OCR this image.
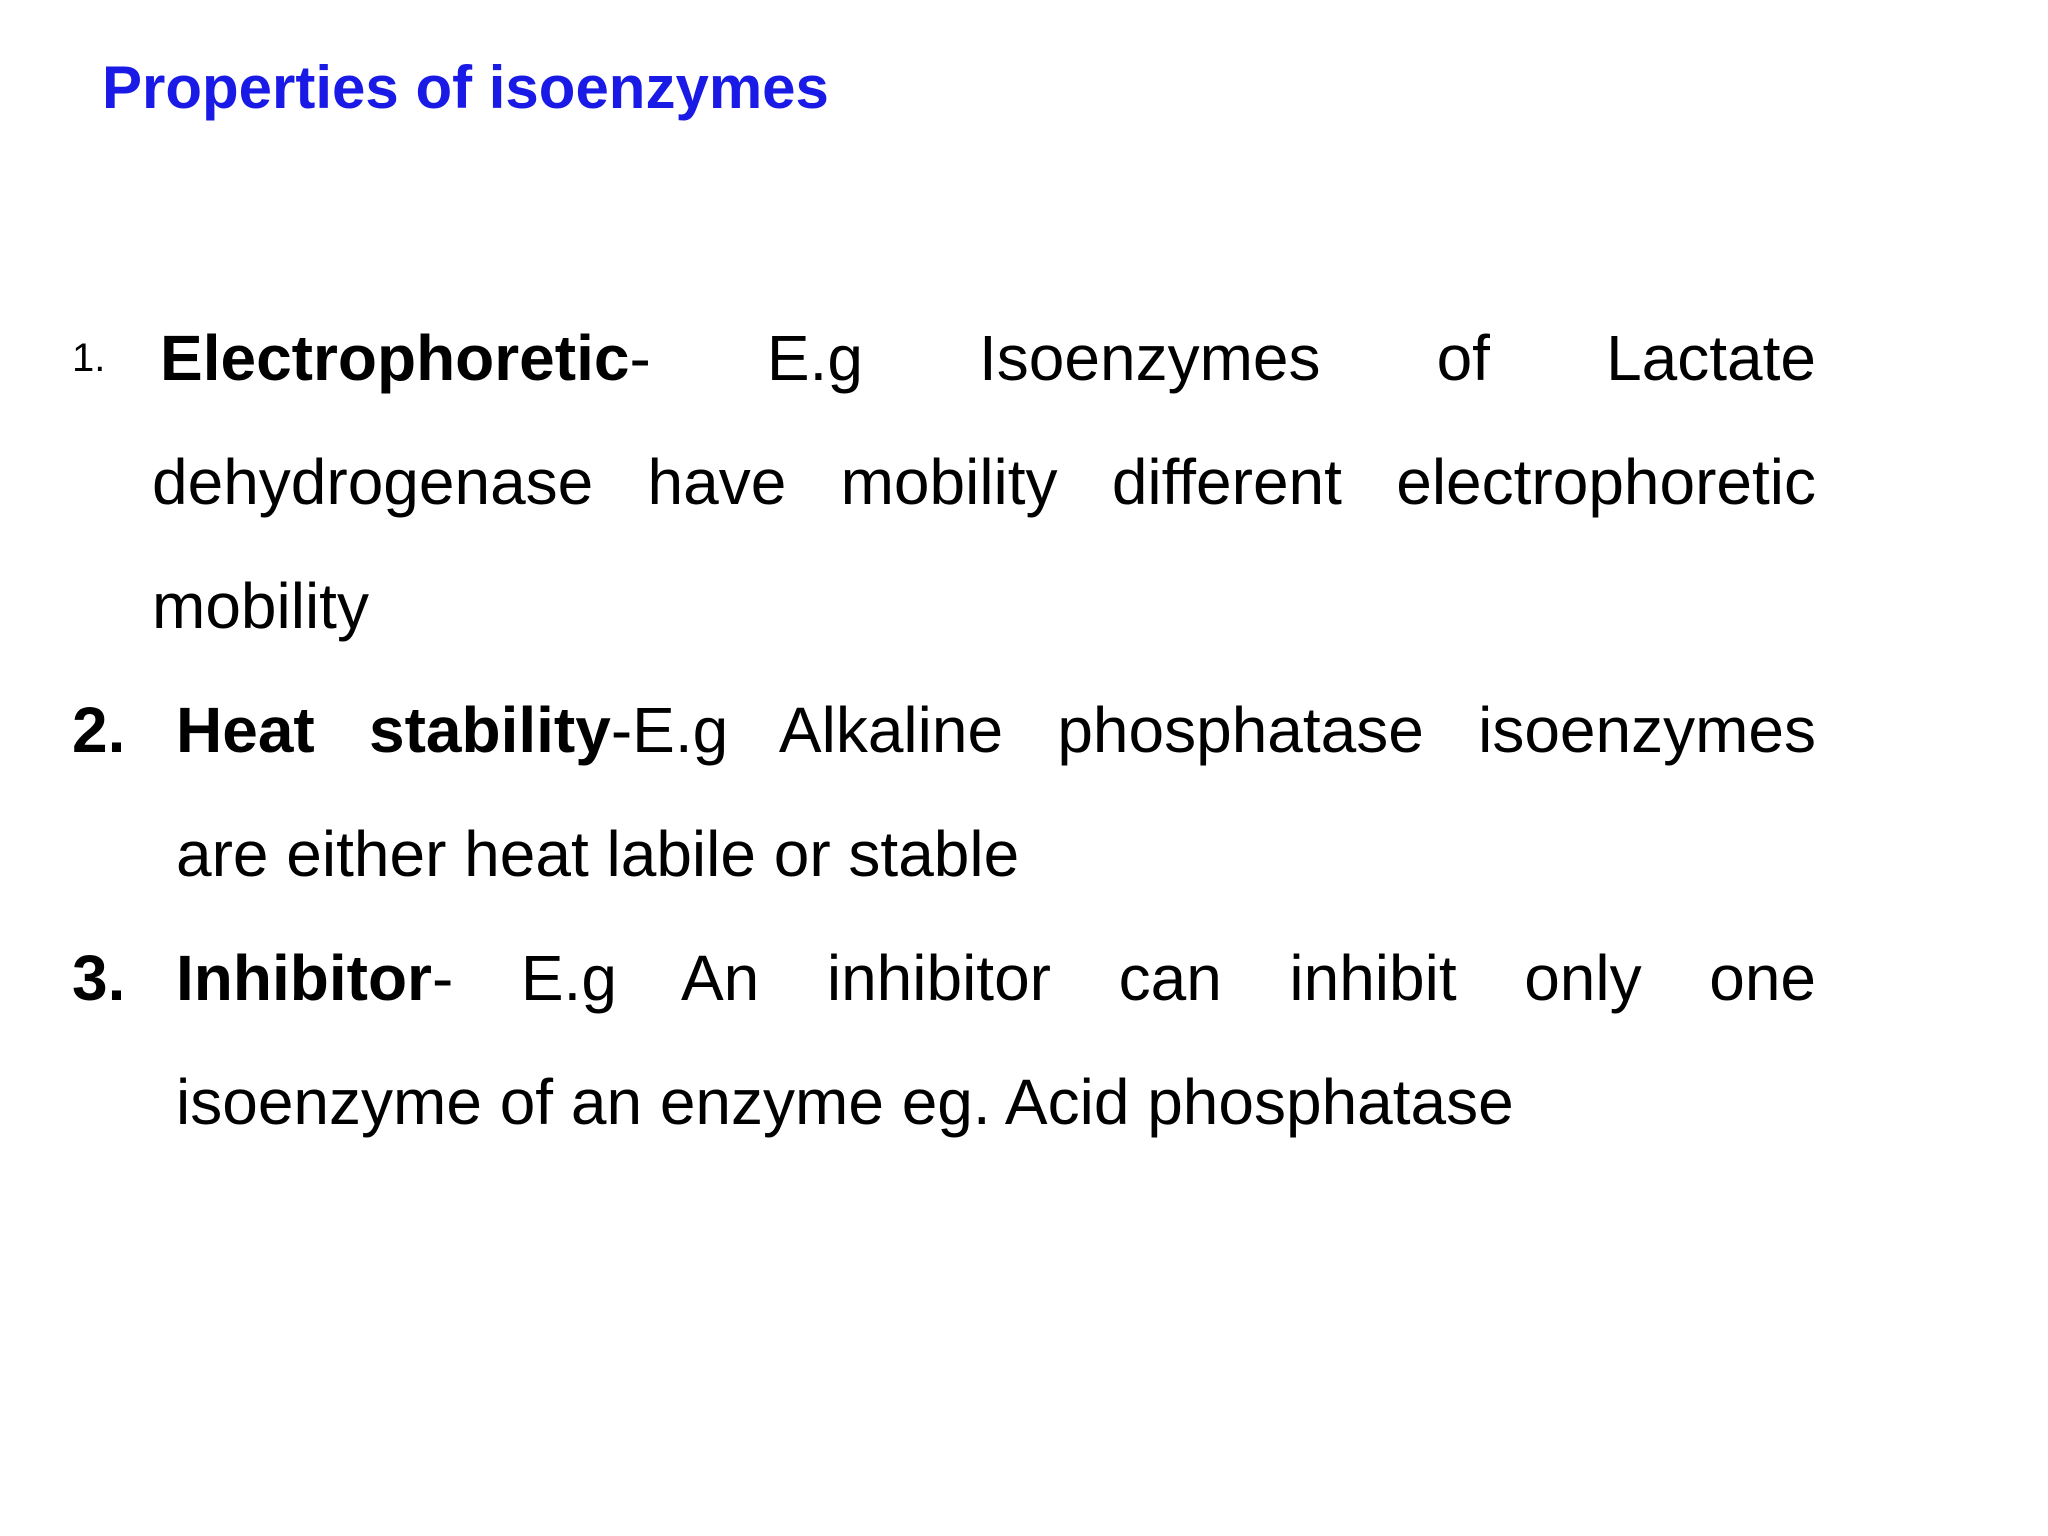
Properties of isoenzymes
1. Electrophoretic- E.g Isoenzymes of Lactate
dehydrogenase have mobility different electrophoretic
mobility
2. Heat stability-E.g Alkaline phosphatase isoenzymes
are either heat labile or stable
3. Inhibitor- E.g An inhibitor can inhibit only one
isoenzyme of an enzyme eg. Acid phosphatase
